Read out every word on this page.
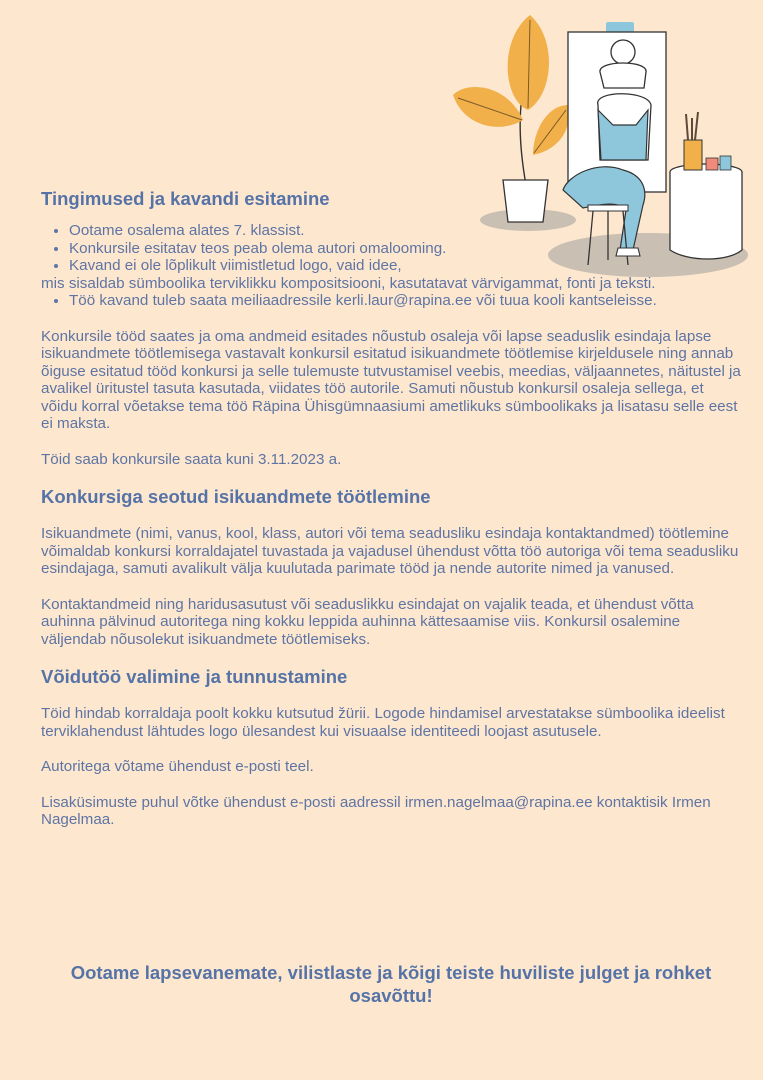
Tingimused ja kavandi esitamine
• Ootame osalema alates 7. klassist.
• Konkursile esitatav teos peab olema autori omalooming.
• Kavand ei ole lõplikult viimistletud logo, vaid idee,

mis sisaldab sümboolika terviklikku kompositsiooni, kasutatavat värvigammat, fonti ja teksti.

• Töö kavand tuleb saata meiliaadressile kerli.laur@rapina.ee või tuua kooli kantseleisse.

Konkursile tööd saates ja oma andmeid esitades nõustub osaleja või lapse seaduslik esindaja lapse isikuandmete töötlemisega vastavalt konkursil esitatud isikuandmete töötlemise kirjeldusele ning annab õiguse esitatud tööd konkursi ja selle tulemuste tutvustamisel veebis, meedias, väljaannetes, näitustel ja avalikel üritustel tasuta kasutada, viidates töö autorile. Samuti nõustub konkursil osaleja sellega, et võidu korral võetakse tema töö Räpina Ühisgümnaasiumi ametlikuks sümboolikaks ja lisatasu selle eest ei maksta.

Töid saab konkursile saata kuni 3.11.2023 a.

Konkursiga seotud isikuandmete töötlemine

Isikuandmete (nimi, vanus, kool, klass, autori või tema seadusliku esindaja kontaktandmed) töötlemine võimaldab konkursi korraldajatel tuvastada ja vajadusel ühendust võtta töö autoriga või tema seadusliku esindajaga, samuti avalikult välja kuulutada parimate tööd ja nende autorite nimed ja vanused.

Kontaktandmeid ning haridusasutust või seaduslikku esindajat on vajalik teada, et ühendust võtta auhinna pälvinud autoritega ning kokku leppida auhinna kättesaamise viis. Konkursil osalemine väljendab nõusolekut isikuandmete töötlemiseks.

Võidutöö valimine ja tunnustamine

Töid hindab korraldaja poolt kokku kutsutud žürii. Logode hindamisel arvestatakse sümboolika ideelist terviklahendust lähtudes logo ülesandest kui visuaalse identiteedi loojast asutusele.

Autoritega võtame ühendust e-posti teel.

Lisaküsimuste puhul võtke ühendust e-posti aadressil irmen.nagelmaa@rapina.ee kontaktisik Irmen Nagelmaa.

Ootame lapsevanemate, vilistlaste ja kõigi teiste huviliste julget ja rohket osavõttu!
